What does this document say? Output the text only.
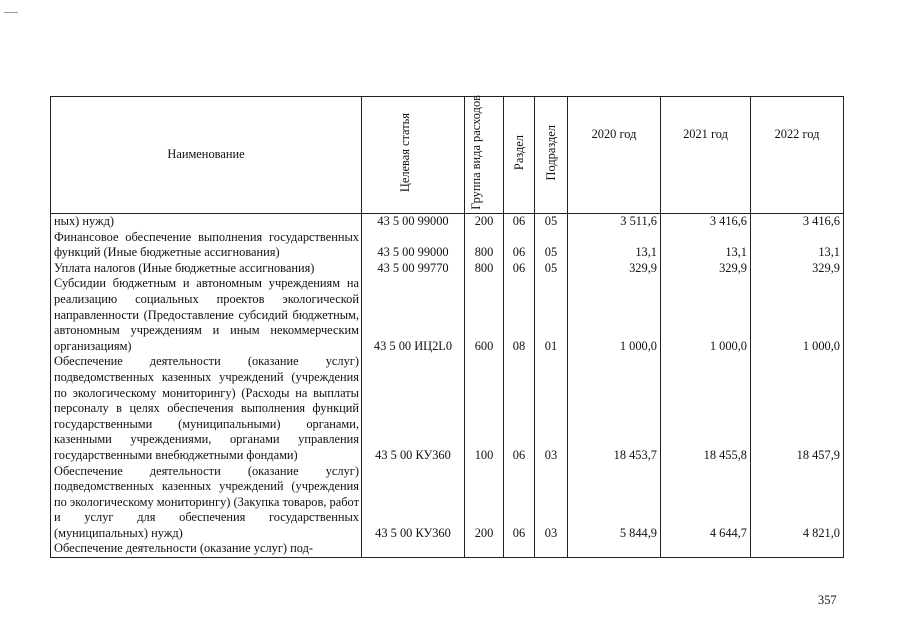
Наименование	Целевая статья	Группа вида расходов	Раздел	Подраздел	2020 год	2021 год	2022 год
ных) нужд)	43 5 00 99000	200	06	05	3 511,6	3 416,6	3 416,6
Финансовое обеспечение выполнения государственных функций (Иные бюджетные ассигнования)	43 5 00 99000	800	06	05	13,1	13,1	13,1
Уплата налогов (Иные бюджетные ассигнования)	43 5 00 99770	800	06	05	329,9	329,9	329,9
Субсидии бюджетным и автономным учреждениям на реализацию социальных проектов экологической направленности (Предоставление субсидий бюджетным, автономным учреждениям и иным некоммерческим организациям)	43 5 00 ИЦ2L0	600	08	01	1 000,0	1 000,0	1 000,0
Обеспечение деятельности (оказание услуг) подведомственных казенных учреждений (учреждения по экологическому мониторингу) (Расходы на выплаты персоналу в целях обеспечения выполнения функций государственными (муниципальными) органами, казенными учреждениями, органами управления государственными внебюджетными фондами)	43 5 00 КУ360	100	06	03	18 453,7	18 455,8	18 457,9
Обеспечение деятельности (оказание услуг) подведомственных казенных учреждений (учреждения по экологическому мониторингу) (Закупка товаров, работ и услуг для обеспечения государственных (муниципальных) нужд)	43 5 00 КУ360	200	06	03	5 844,9	4 644,7	4 821,0
Обеспечение деятельности (оказание услуг) под-							
357
